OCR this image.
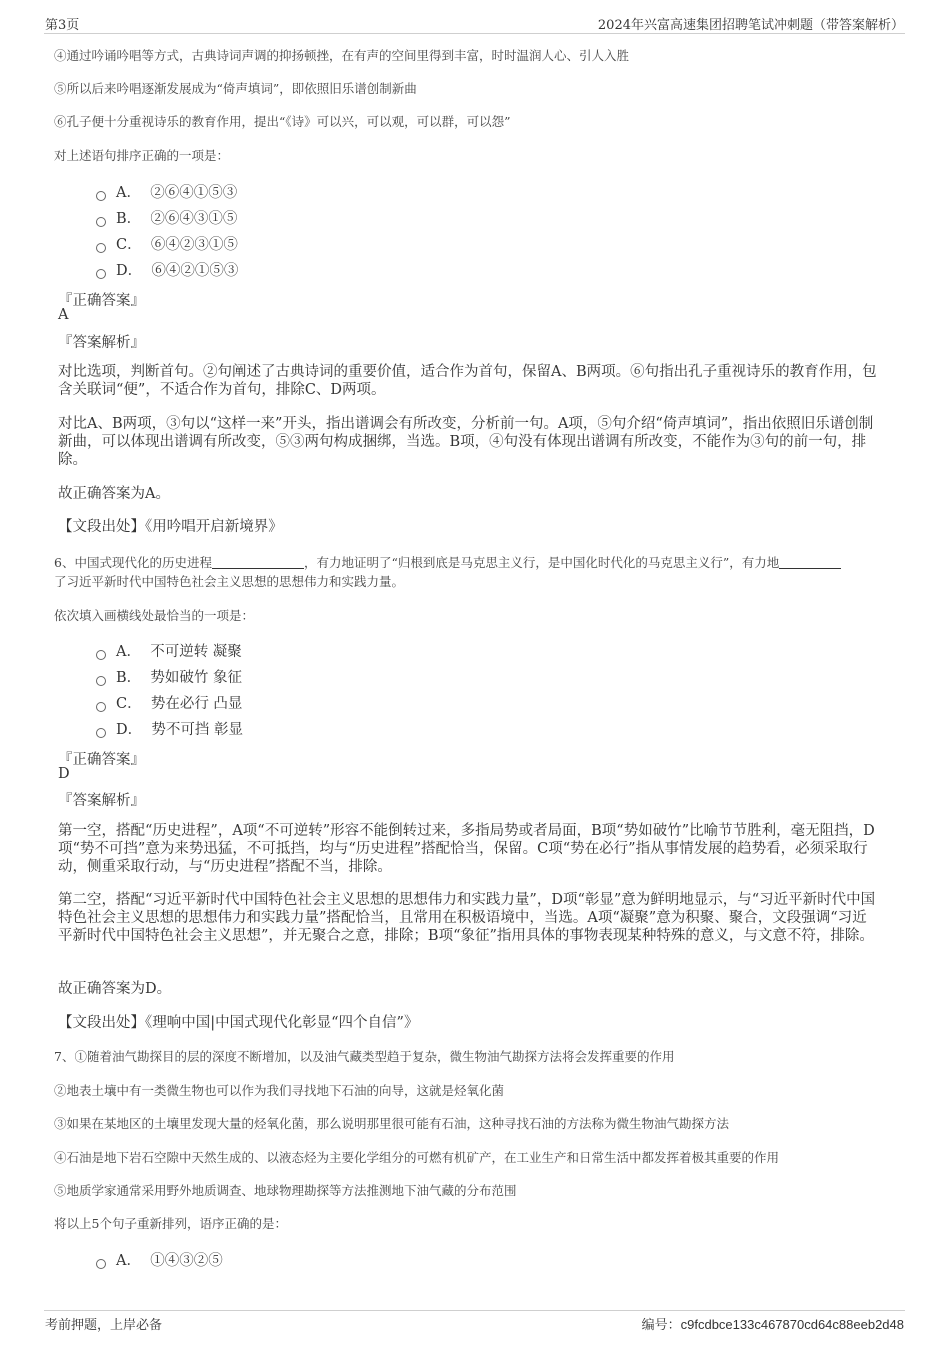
第3页	2024年兴富高速集团招聘笔试冲刺题（带答案解析）
④通过吟诵吟唱等方式，古典诗词声调的抑扬顿挫，在有声的空间里得到丰富，时时温润人心、引人入胜
⑤所以后来吟唱逐渐发展成为“倚声填词”，即依照旧乐谱创制新曲
⑥孔子便十分重视诗乐的教育作用，提出“《诗》可以兴，可以观，可以群，可以怨”
对上述语句排序正确的一项是：
A． ②⑥④①⑤③
B． ②⑥④③①⑤
C． ⑥④②③①⑤
D． ⑥④②①⑤③
『正确答案』
A
『答案解析』
对比选项，判断首句。②句阐述了古典诗词的重要价值，适合作为首句，保留A、B两项。⑥句指出孔子重视诗乐的教育作用，包含关联词“便”，不适合作为首句，排除C、D两项。
对比A、B两项，③句以“这样一来”开头，指出谱调会有所改变，分析前一句。A项，⑤句介绍“倚声填词”，指出依照旧乐谱创制新曲，可以体现出谱调有所改变，⑤③两句构成捆绑，当选。B项，④句没有体现出谱调有所改变，不能作为③句的前一句，排除。
故正确答案为A。
【文段出处】《用吟唱开启新境界》
6、中国式现代化的历史进程	，有力地证明了“归根到底是马克思主义行，是中国化时代化的马克思主义行”，有力地
了习近平新时代中国特色社会主义思想的思想伟力和实践力量。
依次填入画横线处最恰当的一项是：
A． 不可逆转 凝聚
B． 势如破竹 象征
C． 势在必行 凸显
D． 势不可挡 彰显
『正确答案』
D
『答案解析』
第一空，搭配“历史进程”，A项“不可逆转”形容不能倒转过来，多指局势或者局面，B项“势如破竹”比喻节节胜利，毫无阻挡，D项“势不可挡”意为来势迅猛，不可抵挡，均与“历史进程”搭配恰当，保留。C项“势在必行”指从事情发展的趋势看，必须采取行动，侧重采取行动，与“历史进程”搭配不当，排除。
第二空，搭配“习近平新时代中国特色社会主义思想的思想伟力和实践力量”，D项“彰显”意为鲜明地显示，与“习近平新时代中国特色社会主义思想的思想伟力和实践力量”搭配恰当，且常用在积极语境中，当选。A项“凝聚”意为积聚、聚合，文段强调“习近平新时代中国特色社会主义思想”，并无聚合之意，排除；B项“象征”指用具体的事物表现某种特殊的意义，与文意不符，排除。
故正确答案为D。
【文段出处】《理响中国|中国式现代化彰显“四个自信”》
7、①随着油气勘探目的层的深度不断增加，以及油气藏类型趋于复杂，微生物油气勘探方法将会发挥重要的作用
②地表土壤中有一类微生物也可以作为我们寻找地下石油的向导，这就是烃氧化菌
③如果在某地区的土壤里发现大量的烃氧化菌，那么说明那里很可能有石油，这种寻找石油的方法称为微生物油气勘探方法
④石油是地下岩石空隙中天然生成的、以液态烃为主要化学组分的可燃有机矿产，在工业生产和日常生活中都发挥着极其重要的作用
⑤地质学家通常采用野外地质调查、地球物理勘探等方法推测地下油气藏的分布范围
将以上5个句子重新排列，语序正确的是：
A． ①④③②⑤
考前押题，上岸必备	编号：c9fcdbce133c467870cd64c88eeb2d48
